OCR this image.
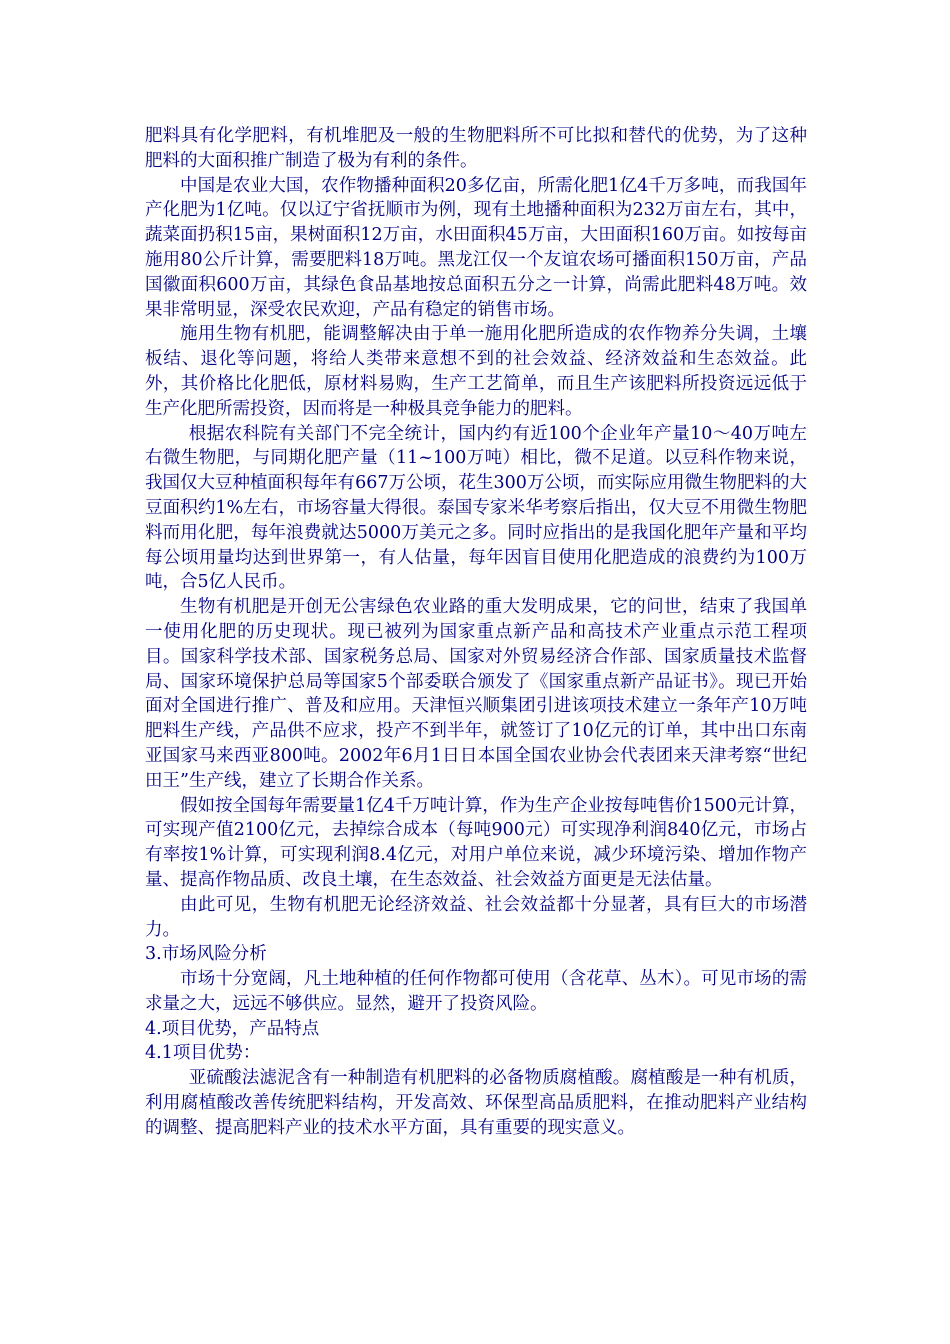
肥料具有化学肥料，有机堆肥及一般的生物肥料所不可比拟和替代的优势，为了这种肥料的大面积推广制造了极为有利的条件。

中国是农业大国，农作物播种面积20多亿亩，所需化肥1亿4千万多吨，而我国年产化肥为1亿吨。仅以辽宁省抚顺市为例，现有土地播种面积为232万亩左右，其中，蔬菜面扔积15亩，果树面积12万亩，水田面积45万亩，大田面积160万亩。如按每亩施用80公斤计算，需要肥料18万吨。黑龙江仅一个友谊农场可播面积150万亩，产品国徽面积600万亩，其绿色食品基地按总面积五分之一计算，尚需此肥料48万吨。效果非常明显，深受农民欢迎，产品有稳定的销售市场。

施用生物有机肥，能调整解决由于单一施用化肥所造成的农作物养分失调，土壤板结、退化等问题，将给人类带来意想不到的社会效益、经济效益和生态效益。此外，其价格比化肥低，原材料易购，生产工艺简单，而且生产该肥料所投资远远低于生产化肥所需投资，因而将是一种极具竞争能力的肥料。

根据农科院有关部门不完全统计，国内约有近100个企业年产量10～40万吨左右微生物肥，与同期化肥产量（11~100万吨）相比，微不足道。以豆科作物来说，我国仅大豆种植面积每年有667万公顷，花生300万公顷，而实际应用微生物肥料的大豆面积约1%左右，市场容量大得很。泰国专家米华考察后指出，仅大豆不用微生物肥料而用化肥，每年浪费就达5000万美元之多。同时应指出的是我国化肥年产量和平均每公顷用量均达到世界第一，有人估量，每年因盲目使用化肥造成的浪费约为100万吨，合5亿人民币。

生物有机肥是开创无公害绿色农业路的重大发明成果，它的问世，结束了我国单一使用化肥的历史现状。现已被列为国家重点新产品和高技术产业重点示范工程项目。国家科学技术部、国家税务总局、国家对外贸易经济合作部、国家质量技术监督局、国家环境保护总局等国家5个部委联合颁发了《国家重点新产品证书》。现已开始面对全国进行推广、普及和应用。天津恒兴顺集团引进该项技术建立一条年产10万吨肥料生产线，产品供不应求，投产不到半年，就签订了10亿元的订单，其中出口东南亚国家马来西亚800吨。2002年6月1日日本国全国农业协会代表团来天津考察“世纪田王”生产线，建立了长期合作关系。

假如按全国每年需要量1亿4千万吨计算，作为生产企业按每吨售价1500元计算，可实现产值2100亿元，去掉综合成本（每吨900元）可实现净利润840亿元，市场占有率按1%计算，可实现利润8.4亿元，对用户单位来说，减少环境污染、增加作物产量、提高作物品质、改良土壤，在生态效益、社会效益方面更是无法估量。

由此可见，生物有机肥无论经济效益、社会效益都十分显著，具有巨大的市场潜力。

3.市场风险分析

市场十分宽阔，凡土地种植的任何作物都可使用（含花草、丛木）。可见市场的需求量之大，远远不够供应。显然，避开了投资风险。

4.项目优势，产品特点

4.1项目优势：

亚硫酸法滤泥含有一种制造有机肥料的必备物质腐植酸。腐植酸是一种有机质，利用腐植酸改善传统肥料结构，开发高效、环保型高品质肥料，在推动肥料产业结构的调整、提高肥料产业的技术水平方面，具有重要的现实意义。
